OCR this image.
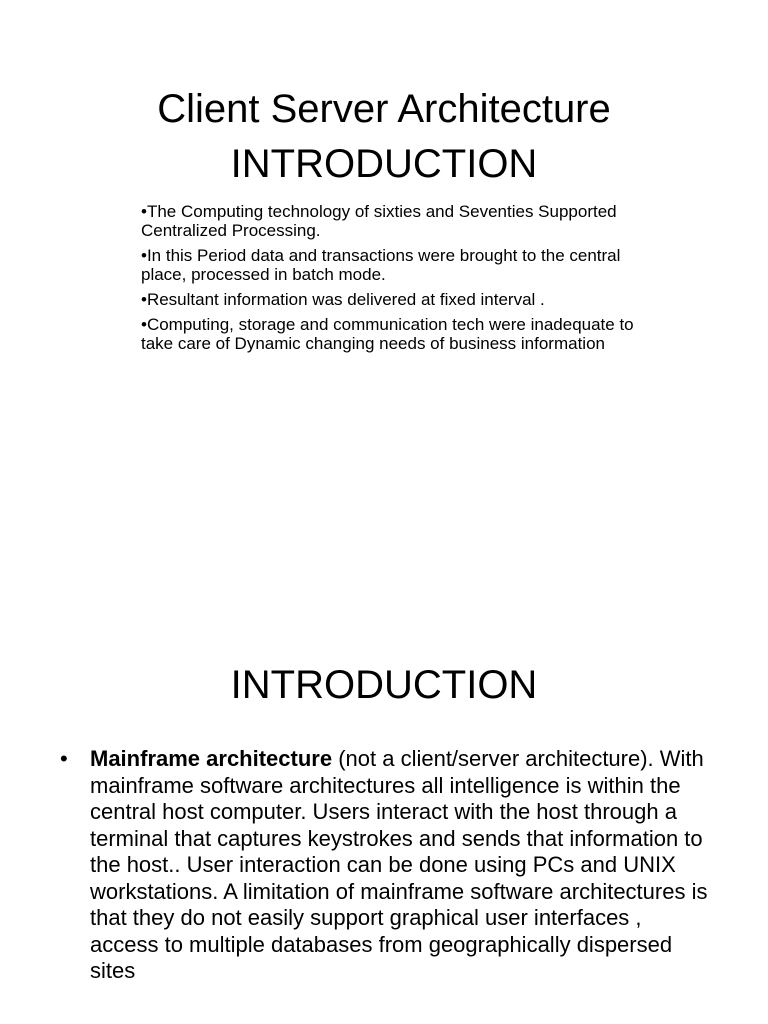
Client Server Architecture
INTRODUCTION
•The Computing technology of sixties and Seventies Supported Centralized Processing.
•In this Period data and transactions were brought to the central place, processed in batch mode.
•Resultant information was delivered at fixed interval .
•Computing, storage and communication tech were inadequate to take care of Dynamic changing needs of business information
INTRODUCTION
• Mainframe architecture (not a client/server architecture). With mainframe software architectures all intelligence is within the central host computer. Users interact with the host through a terminal that captures keystrokes and sends that information to the host.. User interaction can be done using PCs and UNIX workstations. A limitation of mainframe software architectures is that they do not easily support graphical user interfaces , access to multiple databases from geographically dispersed sites
